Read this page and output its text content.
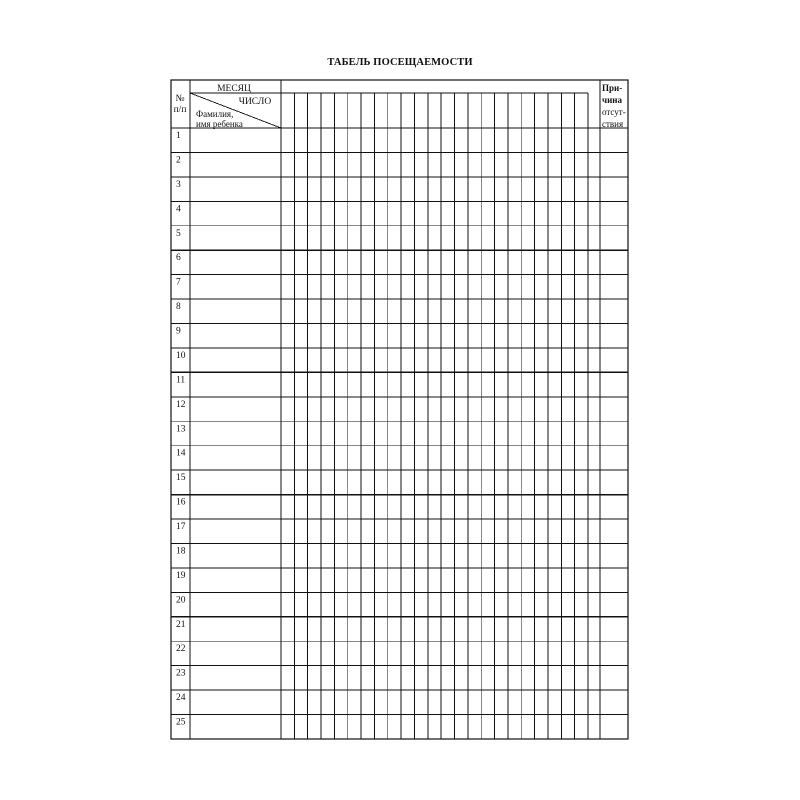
ТАБЕЛЬ ПОСЕЩАЕМОСТИ
№
п/п
МЕСЯЦ
ЧИСЛО
Фамилия,
имя ребенка
При-
чина
отсут-
ствия
1
2
3
4
5
6
7
8
9
10
11
12
13
14
15
16
17
18
19
20
21
22
23
24
25
